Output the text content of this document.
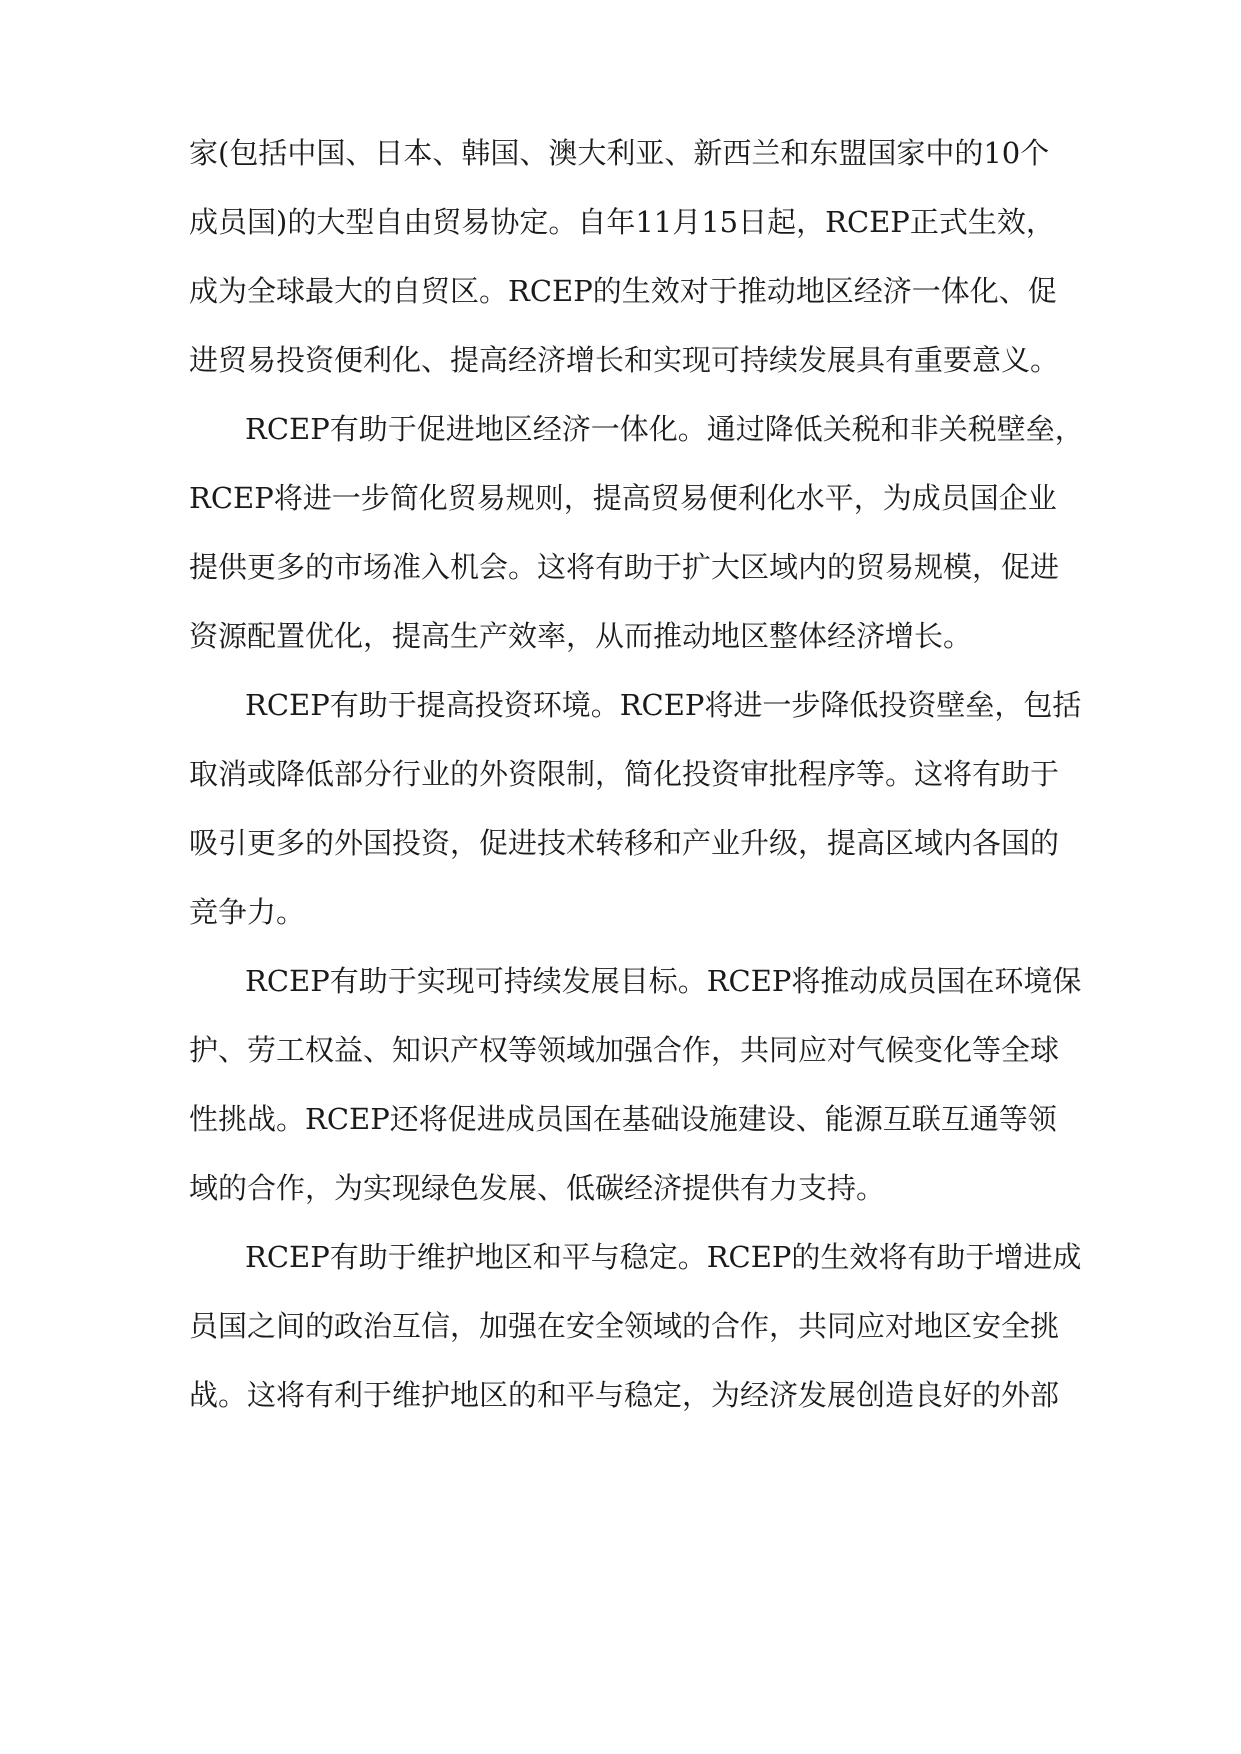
家(包括中国、日本、韩国、澳大利亚、新西兰和东盟国家中的10个
成员国)的大型自由贸易协定。自年11月15日起，RCEP正式生效，
成为全球最大的自贸区。RCEP的生效对于推动地区经济一体化、促
进贸易投资便利化、提高经济增长和实现可持续发展具有重要意义。
RCEP有助于促进地区经济一体化。通过降低关税和非关税壁垒，
RCEP将进一步简化贸易规则，提高贸易便利化水平，为成员国企业
提供更多的市场准入机会。这将有助于扩大区域内的贸易规模，促进
资源配置优化，提高生产效率，从而推动地区整体经济增长。
RCEP有助于提高投资环境。RCEP将进一步降低投资壁垒，包括
取消或降低部分行业的外资限制，简化投资审批程序等。这将有助于
吸引更多的外国投资，促进技术转移和产业升级，提高区域内各国的
竞争力。
RCEP有助于实现可持续发展目标。RCEP将推动成员国在环境保
护、劳工权益、知识产权等领域加强合作，共同应对气候变化等全球
性挑战。RCEP还将促进成员国在基础设施建设、能源互联互通等领
域的合作，为实现绿色发展、低碳经济提供有力支持。
RCEP有助于维护地区和平与稳定。RCEP的生效将有助于增进成
员国之间的政治互信，加强在安全领域的合作，共同应对地区安全挑
战。这将有利于维护地区的和平与稳定，为经济发展创造良好的外部
